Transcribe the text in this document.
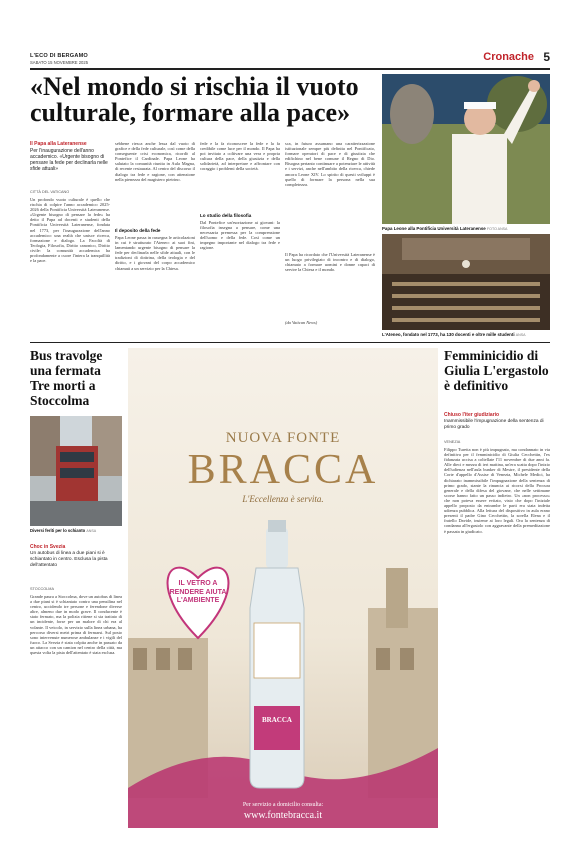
L'ECO DI BERGAMO
SABATO 15 NOVEMBRE 2025	Cronache 5
«Nel mondo si rischia il vuoto culturale, formare alla pace»
Il Papa alla Lateranense
Per l'inaugurazione dell'anno accademico. «Urgente bisogno di pensare la fede per declinarla nelle sfide attuali»
CITTÀ DEL VATICANO
Un profondo vuoto culturale è quello che rischia di colpire l'anno accademico 2025-2026 della Pontificia Università Lateranense. «Urgente bisogno di pensare la fede» ha detto il Papa ad docenti e studenti della Pontificia Università Lateranense, fondata nel 1773, per l'inaugurazione dell'anno accademico: una realtà che unisce ricerca, formazione e dialogo. La Facoltà di Teologia, Filosofia, Diritto canonico, Diritto civile: la comunità accademica ha profondamente a cuore l'intera la tranquillità e la pace.
sebbene riesca anche lessa dal vuoto di grafice e della fede culturale, così come della conseguente crisi economica, ricordò al Pontefice il Cardinale. Papa Leone ha salutato la comunità riunita in Aula Magna, di recente restaurata. Al centro del discorso il dialogo tra fede e ragione, con attenzione nella pienezza del magistero pietrino.
Il deposito della fede
Papa Leone passa in rassegna le articolazioni in cui è strutturato l'Ateneo: ai suoi fini, lamentando urgente bisogno di pensare la fede per declinarla nelle sfide attuali, con le tradizioni di dottrina, della teologia e del diritto, e i giovani del corpo accademico chiamati a un servizio per la Chiesa.
fede e la fa riconoscere la fede e la fa credibile come luce per il mondo. Il Papa ha poi invitato a coltivare una vera e propria cultura della pace, della giustizia e della solidarietà, ad interpretare e affrontare con coraggio i problemi della società.
Lo studio della filosofia
Dal Pontefice un'esortazione ai giovani: la filosofia insegna a pensare, come una necessaria premessa per la comprensione dell'uomo e della fede. Così come un impegno importante nel dialogo tra fede e ragione.
sca, in futuro assumano una caratterizzazione istituzionale sempre più definita nel Pontificato, formare operatori di pace e di giustizia che edifichino nel bene comune il Regno di Dio. Bisogna pertanto continuare a potenziare le attività e i servizi, anche nell'ambito della ricerca, chiede ancora Leone XIV. Lo spirito di questi sviluppi è quello di formare la persona nella sua completezza.
Il Papa ha ricordato che l'Università Lateranense è un luogo privilegiato di incontro e di dialogo, chiamato a formare uomini e donne capaci di servire la Chiesa e il mondo.
(da Vatican News)
Papa Leone alla Pontificia Università Lateranense FOTO ANSA
L'Ateneo, fondato nel 1773, ha 130 docenti e oltre mille studenti ANSA
Bus travolge una fermata Tre morti a Stoccolma
Diversi feriti per lo schianto ANSA
Choc in Svezia
Un autobus di linea a due piani si è schiantato in centro. Esclusa la pista dell'attentato
STOCCOLMA
Grande paura a Stoccolma, dove un autobus di linea a due piani si è schiantato contro una pensilina nel centro, uccidendo tre persone e ferendone diverse altre, almeno due in modo grave. Il conducente è stato fermato, ma la polizia ritiene si sia trattato di un incidente, forse per un malore di chi era al volante. Il veicolo, in servizio sulla linea urbana, ha percorso diversi metri prima di fermarsi. Sul posto sono intervenute numerose ambulanze e i vigili del fuoco. La Svezia è stata colpita anche in passato da un attacco con un camion nel centro della città, ma questa volta la pista dell'attentato è stata esclusa.
NUOVA FONTE
BRACCA
L'Eccellenza è servita.
IL VETRO A RENDERE AIUTA L'AMBIENTE
BRACCA
Per servizio a domicilio consulta:
www.fontebracca.it
Femminicidio di Giulia L'ergastolo è definitivo
Chiuso l'iter giudiziario
Inammissibile l'impugnazione della sentenza di primo grado
VENEZIA
Filippo Turetta non è più impugnato, ma condannato in via definitiva per il femminicidio di Giulia Cecchettin, l'ex fidanzata uccisa a coltellate l'11 novembre di due anni fa. Alle dieci e mezza di ieri mattina, un'era scatta dopo l'inizio dell'udienza nell'aula bunker di Mestre, il presidente della Corte d'appello d'Assise di Venezia, Michele Medici, ha dichiarato inammissibile l'impugnazione della sentenza di primo grado, stante la rinuncia ai ricorsi della Procura generale e della difesa del giovane, che nelle settimane scorse hanno fatto un passo indietro. Un «non processo» che non poteva essere evitato, visto che dopo l'iniziale appello proposto da entrambe le parti era stata indetta udienza pubblica. Alla lettura del dispositivo in aula erano presenti il padre Gino Cecchettin, la sorella Elena e il fratello Davide, insieme ai loro legali. Ora la sentenza di condanna all'ergastolo con aggravante della premeditazione è passata in giudicato.
